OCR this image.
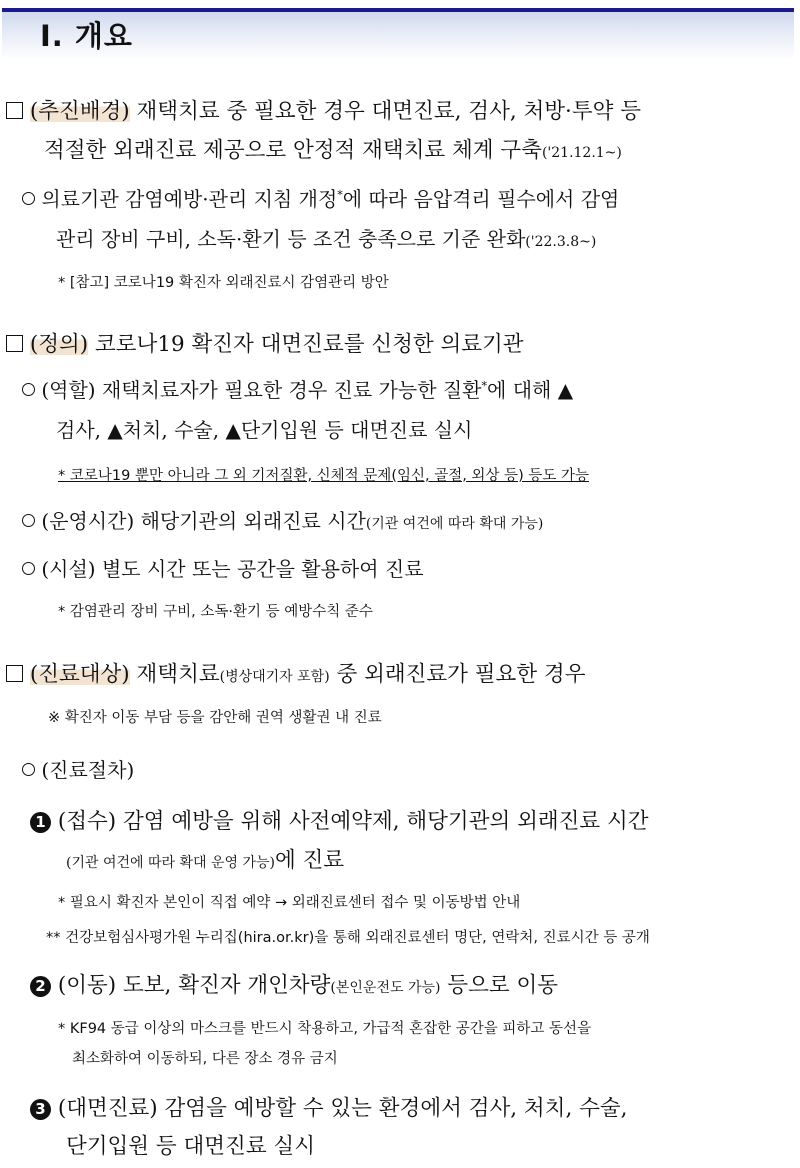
Ⅰ. 개요
(추진배경) 재택치료 중 필요한 경우 대면진료, 검사, 처방·투약 등
적절한 외래진료 제공으로 안정적 재택치료 체계 구축('21.12.1~)
의료기관 감염예방·관리 지침 개정*에 따라 음압격리 필수에서 감염
관리 장비 구비, 소독·환기 등 조건 충족으로 기준 완화('22.3.8~)
* [참고] 코로나19 확진자 외래진료시 감염관리 방안
(정의) 코로나19 확진자 대면진료를 신청한 의료기관
(역할) 재택치료자가 필요한 경우 진료 가능한 질환*에 대해 ▲
검사, ▲처치, 수술, ▲단기입원 등 대면진료 실시
* 코로나19 뿐만 아니라 그 외 기저질환, 신체적 문제(임신, 골절, 외상 등) 등도 가능
(운영시간) 해당기관의 외래진료 시간(기관 여건에 따라 확대 가능)
(시설) 별도 시간 또는 공간을 활용하여 진료
* 감염관리 장비 구비, 소독·환기 등 예방수칙 준수
(진료대상) 재택치료(병상대기자 포함) 중 외래진료가 필요한 경우
※ 확진자 이동 부담 등을 감안해 권역 생활권 내 진료
(진료절차)
1 (접수) 감염 예방을 위해 사전예약제, 해당기관의 외래진료 시간
(기관 여건에 따라 확대 운영 가능)에 진료
* 필요시 확진자 본인이 직접 예약 → 외래진료센터 접수 및 이동방법 안내
** 건강보험심사평가원 누리집(hira.or.kr)을 통해 외래진료센터 명단, 연락처, 진료시간 등 공개
2 (이동) 도보, 확진자 개인차량(본인운전도 가능) 등으로 이동
* KF94 동급 이상의 마스크를 반드시 착용하고, 가급적 혼잡한 공간을 피하고 동선을
최소화하여 이동하되, 다른 장소 경유 금지
3 (대면진료) 감염을 예방할 수 있는 환경에서 검사, 처치, 수술,
단기입원 등 대면진료 실시
